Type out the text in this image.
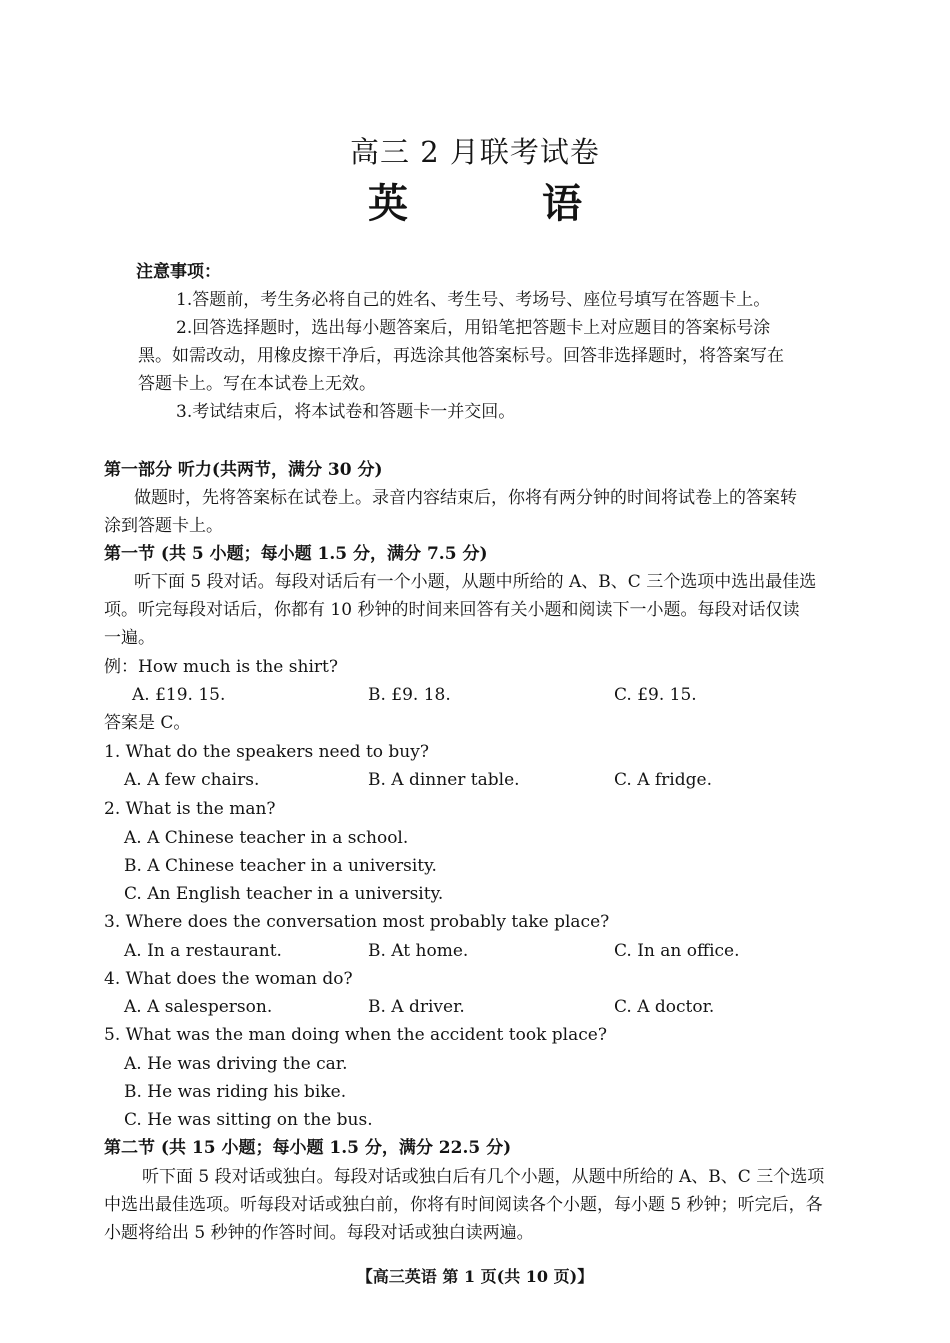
高三 2 月联考试卷
英 语
注意事项：
1.答题前，考生务必将自己的姓名、考生号、考场号、座位号填写在答题卡上。
2.回答选择题时，选出每小题答案后，用铅笔把答题卡上对应题目的答案标号涂
黑。如需改动，用橡皮擦干净后，再选涂其他答案标号。回答非选择题时，将答案写在
答题卡上。写在本试卷上无效。
3.考试结束后，将本试卷和答题卡一并交回。
第一部分 听力(共两节，满分 30 分)
做题时，先将答案标在试卷上。录音内容结束后，你将有两分钟的时间将试卷上的答案转
涂到答题卡上。
第一节 (共 5 小题；每小题 1.5 分，满分 7.5 分)
听下面 5 段对话。每段对话后有一个小题，从题中所给的 A、B、C 三个选项中选出最佳选
项。听完每段对话后，你都有 10 秒钟的时间来回答有关小题和阅读下一小题。每段对话仅读
一遍。
例：How much is the shirt?
A. £19. 15.	B. £9. 18.	C. £9. 15.
答案是 C。
1. What do the speakers need to buy?
A. A few chairs.	B. A dinner table.	C. A fridge.
2. What is the man?
A. A Chinese teacher in a school.
B. A Chinese teacher in a university.
C. An English teacher in a university.
3. Where does the conversation most probably take place?
A. In a restaurant.	B. At home.	C. In an office.
4. What does the woman do?
A. A salesperson.	B. A driver.	C. A doctor.
5. What was the man doing when the accident took place?
A. He was driving the car.
B. He was riding his bike.
C. He was sitting on the bus.
第二节 (共 15 小题；每小题 1.5 分，满分 22.5 分)
听下面 5 段对话或独白。每段对话或独白后有几个小题，从题中所给的 A、B、C 三个选项
中选出最佳选项。听每段对话或独白前，你将有时间阅读各个小题，每小题 5 秒钟；听完后，各
小题将给出 5 秒钟的作答时间。每段对话或独白读两遍。
【高三英语 第 1 页(共 10 页)】
